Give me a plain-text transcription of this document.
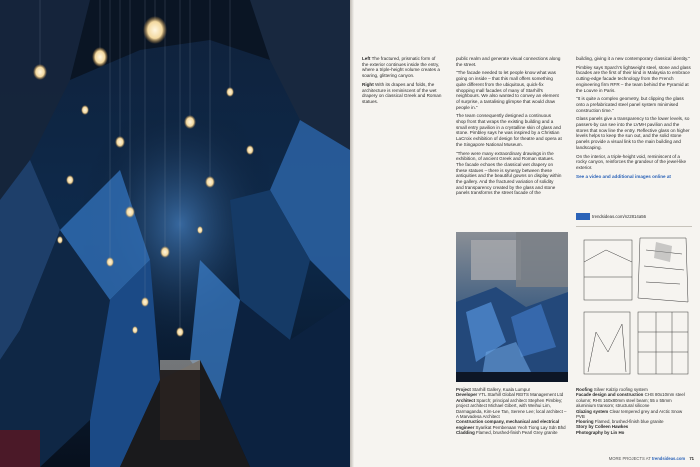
Left The fractured, prismatic form of the exterior continues inside the entry, where a triple-height volume creates a soaring, glittering canyon.

Right With its drapes and folds, the architecture is reminiscent of the wet drapery on classical Greek and Roman statues.

public realm and generate visual connections along the street.

"The facade needed to let people know what was going on inside – that this mall offers something quite different from the ubiquitous, quick-fix shopping mall facades of many of Starhill's neighbours. We also wanted to convey an element of surprise, a tantalising glimpse that would draw people in."

The team consequently designed a continuous shop front that wraps the existing building and a small entry pavilion in a crystalline skin of glass and stone. Pimbley says he was inspired by a Christian LaCroix exhibition of design for theatre and opera at the Singapore National Museum.

"There were many extraordinary drawings in the exhibition, of ancient Greek and Roman statues. The facade echoes the classical wet drapery on these statues – there is synergy between these antiquities and the beautiful gowns on display within the gallery. And the fractured variation of solidity and transparency created by the glass and stone panels transforms the street facade of the

building, giving it a new contemporary classical identity."

Pimbley says Sparch's lightweight steel, stone and glass facades are the first of their kind in Malaysia to embrace cutting-edge facade technology from the French engineering firm RFR – the team behind the Pyramid at the Louvre in Paris.

"It is quite a complex geometry, but clipping the glass onto a prefabricated steel panel system minimised construction time."

Glass panels give a transparency to the lower levels, so passers-by can see into the LVMH pavilion and the stores that now line the entry. Reflective glass on higher levels helps to keep the sun out, and the solid stone panels provide a visual link to the main building and landscaping.

On the interior, a triple-height void, reminiscent of a rocky canyon, reinforces the grandeur of the jewel-like exterior.

See a video and additional images online at

trendsideas.com/nz2814a56
Project Starhill Gallery, Kuala Lumpur
Developer YTL Starhill Global REITS Management Ltd
Architect Sparch; principal architect Stephen Pimbley; project architect Michael Gibert, with Weihui Lim, Darmaganda, Kim-Lee Tan, Serene Lee; local architect – A Marvadesa Architect
Construction company, mechanical and electrical engineer Syarikat Pembenaan Yeoh Tiong Lay Sdn Bhd
Cladding Flamed, brushed-finish Pearl Grey granite
Roofing Silver Kalzip roofing system
Facade design and construction CHS 80x10mm steel column; RHS 160x80mm steel beam; 55 x 55mm aluminium transom; structural silicone
Glazing system Clear tempered grey and Arctic Snow PVB
Flooring Flamed, brushed-finish blue granite
Story by Colleen Hawkes
Photography by Lin Ho
MORE PROJECTS AT trendsideas.com 71
